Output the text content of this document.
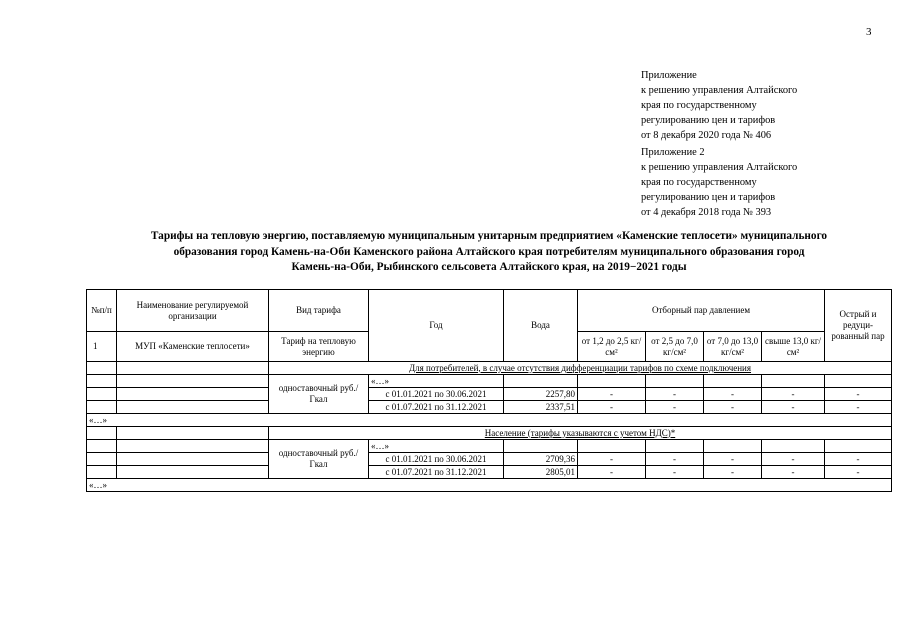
3
Приложение
к решению управления Алтайского
края по государственному
регулированию цен и тарифов
от 8 декабря 2020 года № 406
Приложение 2
к решению управления Алтайского
края по государственному
регулированию цен и тарифов
от 4 декабря 2018 года № 393
Тарифы на тепловую энергию, поставляемую муниципальным унитарным предприятием «Каменские теплосети» муниципального
образования город Камень-на-Оби Каменского района Алтайского края потребителям муниципального образования город
Камень-на-Оби, Рыбинского сельсовета Алтайского края, на 2019−2021 годы
№п/п	Наименование регулируемой организации	Вид тарифа	Год	Вода	Отборный пар давлением				Острый и редуци-рованный пар
1	МУП «Каменские теплосети»	Тариф на тепловую энергию			от 1,2 до 2,5 кг/см²	от 2,5 до 7,0 кг/см²	от 7,0 до 13,0 кг/см²	свыше 13,0 кг/см²	
		Для потребителей, в случае отсутствия дифференциации тарифов по схеме подключения							
		одноставочный руб./Гкал	«…»						
			с 01.01.2021 по 30.06.2021	2257,80	-	-	-	-	-
			с 01.07.2021 по 31.12.2021	2337,51	-	-	-	-	-
«…»									
		Население (тарифы указываются с учетом НДС)*							
		одноставочный руб./Гкал	«…»						
			с 01.01.2021 по 30.06.2021	2709,36	-	-	-	-	-
			с 01.07.2021 по 31.12.2021	2805,01	-	-	-	-	-
«…»									
